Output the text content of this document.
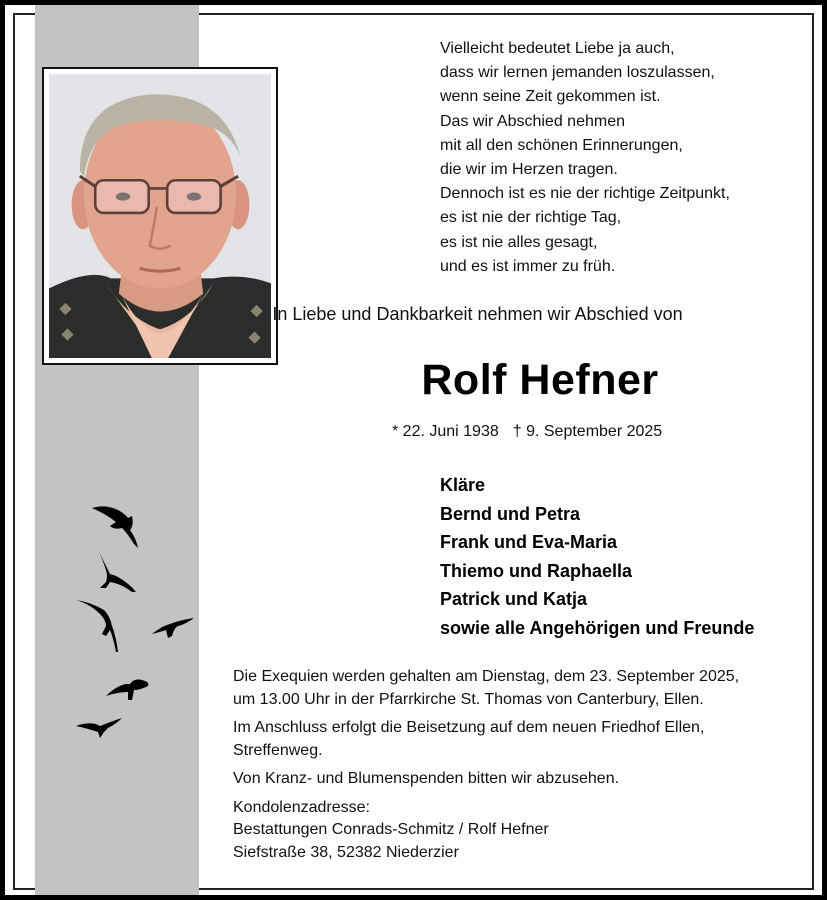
Vielleicht bedeutet Liebe ja auch,
dass wir lernen jemanden loszulassen,
wenn seine Zeit gekommen ist.
Das wir Abschied nehmen
mit all den schönen Erinnerungen,
die wir im Herzen tragen.
Dennoch ist es nie der richtige Zeitpunkt,
es ist nie der richtige Tag,
es ist nie alles gesagt,
und es ist immer zu früh.
In Liebe und Dankbarkeit nehmen wir Abschied von
Rolf Hefner
* 22. Juni 1938 † 9. September 2025
Kläre
Bernd und Petra
Frank und Eva-Maria
Thiemo und Raphaella
Patrick und Katja
sowie alle Angehörigen und Freunde

Die Exequien werden gehalten am Dienstag, dem 23. September 2025,
um 13.00 Uhr in der Pfarrkirche St. Thomas von Canterbury, Ellen.

Im Anschluss erfolgt die Beisetzung auf dem neuen Friedhof Ellen,
Streffenweg.

Von Kranz- und Blumenspenden bitten wir abzusehen.

Kondolenzadresse:
Bestattungen Conrads-Schmitz / Rolf Hefner
Siefstraße 38, 52382 Niederzier
